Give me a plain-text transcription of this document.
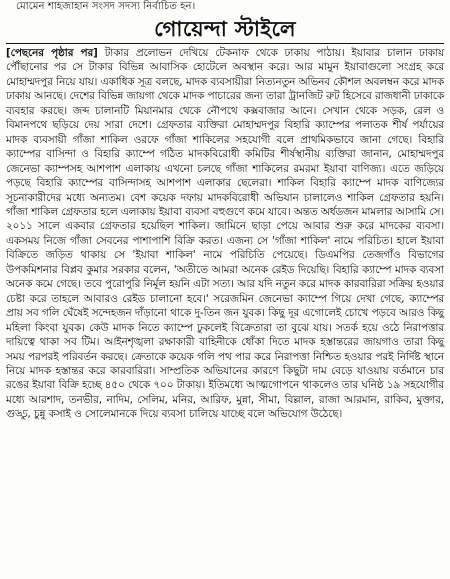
মোমেন শাহজাহান সংসদ সদস্য নির্বাচিত হন।
গোয়েন্দা স্টাইলে

[পেছনের পৃষ্ঠার পর] টাকার প্রলোভন দেখিয়ে টেকনাফ থেকে ঢাকায় পাঠায়। ইয়াবার চালান ঢাকায় পৌঁছানোর পর সে টাকার বিভিন্ন আবাসিক হোটেলে অবস্থান করে। আর মামুন ইয়াবাগুলো সংগ্রহ করে মোহাম্মদপুর নিয়ে যায়। একাধিক সূত্র বলছে, মাদক ব্যবসায়ীরা নিত্যনতুন অভিনব কৌশল অবলম্বন করে মাদক ঢাকায় আনছে। দেশের বিভিন্ন জায়গা থেকে মাদক পাচারের জন্য তারা ট্রানজিট রুট হিসেবে রাজধানী ঢাকাকে ব্যবহার করছে। জব্দ চালানটি মিয়ানমার থেকে নৌপথে কক্সবাজার আনে। সেখান থেকে সড়ক, রেল ও বিমানপথে ছড়িয়ে দেয় সারা দেশে। গ্রেফতার ব্যক্তিরা মোহাম্মদপুর বিহারি ক্যাম্পের পলাতক শীর্ষ পর্যায়ের মাদক ব্যবসায়ী গাঁজা শাকিল ওরফে গাঁজা শাকিলের সহযোগী বলে প্রাথমিকভাবে জানা গেছে। বিহারি ক্যাম্পের বাসিন্দা ও বিহারি ক্যাম্পে গঠিত মাদকবিরোধী কমিটির শীর্ষস্থানীয় ব্যক্তিরা জানান, মোহাম্মদপুর জেনেভা ক্যাম্পসহ আশপাশ এলাকায় এখনো চলছে গাঁজা শাকিলের রমরমা ইয়াবা বাণিজ্য। এতে জড়িয়ে পড়ছে বিহারি ক্যাম্পের বাসিন্দাসহ আশপাশ এলাকার ছেলেরা। শাকিল বিহারি ক্যাম্পে মাদক বাণিজ্যের সূচনাকারীদের মধ্যে অন্যতম। বেশ কয়েক দফায় মাদকবিরোধী অভিযান চালালেও শাকিল গ্রেফতার হয়নি। গাঁজা শাকিল গ্রেফতার হলে এলাকায় ইয়াবা ব্যবসা বহুগুণে কমে যাবে। অন্তত অর্ধডজন মামলার আসামি সে। ২০১১ সালে একবার গ্রেফতার হয়েছিল শাকিল। জামিনে ছাড়া পেয়ে আবার শুরু করে মাদকের ব্যবসা। একসময় নিজে গাঁজা সেবনের পাশাপাশি বিক্রি করত। এজন্য সে 'গাঁজা শাকিল' নামে পরিচিত। হালে ইয়াবা বিক্রিতে জড়িত থাকায় সে 'ইয়াবা শাকিল' নামে পরিচিতি পেয়েছে। ডিএমপির তেজগাঁও বিভাগের উপকমিশনার বিপ্লব কুমার সরকার বলেন, 'অতীতে আমরা অনেক রেইড দিয়েছি। বিহারি ক্যাম্পে মাদক ব্যবসা অনেক কমে গেছে। তবে পুরোপুরি নির্মূল হয়নি এটা সত্য। আর যদি নতুন করে মাদক কারবারিরা সক্রিয় হওয়ার চেষ্টা করে তাহলে আবারও রেইড চালানো হবে।' সরেজমিন জেনেভা ক্যাম্পে গিয়ে দেখা গেছে, ক্যাম্পের প্রায় সব গলি ঘেঁষেই সন্দেহজন দাঁড়ানো থাকে দু-তিন জন যুবক। কিছু দূর এগোলেই চোখে পড়বে আরও কিছু মহিলা কিংবা যুবক। কেউ মাদক নিতে ক্যাম্পে ঢুকলেই বিক্রেতারা তা বুঝে যায়। সতর্ক হয়ে ওঠে নিরাপত্তার দায়িত্বে থাকা সব টিম। আইনশৃঙ্খলা রক্ষাকারী বাহিনীকে ধোঁকা দিতে মাদক হস্তান্তরের জায়গাও তারা কিছু সময় পরপরই পরিবর্তন করছে। ক্রেতাকে কয়েক গলি পথ পার করে নিরাপত্তা নিশ্চিত হওয়ার পরই নির্দিষ্ট স্থানে নিয়ে মাদক হস্তান্তর করে কারবারিরা। সাম্প্রতিক অভিযানের কারণে কিছুটা দাম বেড়ে যাওয়ায় বর্তমানে চার রঙের ইয়াবা বিক্রি হচ্ছে ৪৫০ থেকে ৭০০ টাকায়। ইতিমধ্যে আত্মগোপনে থাকলেও তার ঘনিষ্ঠ ১৯ সহযোগীর মধ্যে আরশাদ, তনভীর, নাদিম, সেলিম, মনির, আরিফ, মুন্না, সীমা, বিল্লাল, রাজা আরমান, রাকিব, মুক্তার, গুড্ডু, চুন্নু কসাই ও সোলেমানকে দিয়ে ব্যবসা চালিয়ে যাচ্ছে বলে অভিযোগ উঠেছে।
